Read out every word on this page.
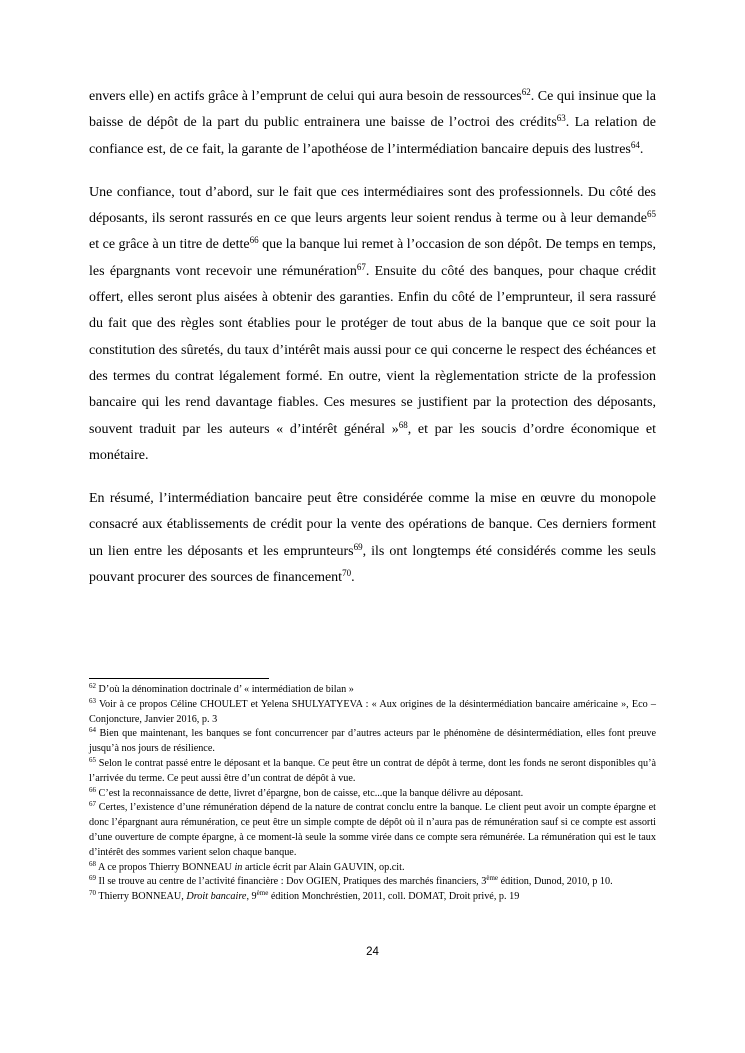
envers elle) en actifs grâce à l’emprunt de celui qui aura besoin de ressources$^{62}$. Ce qui insinue que la baisse de dépôt de la part du public entrainera une baisse de l’octroi des crédits$^{63}$. La relation de confiance est, de ce fait, la garante de l’apothéose de l’intermédiation bancaire depuis des lustres$^{64}$.

Une confiance, tout d’abord, sur le fait que ces intermédiaires sont des professionnels. Du côté des déposants, ils seront rassurés en ce que leurs argents leur soient rendus à terme ou à leur demande$^{65}$ et ce grâce à un titre de dette$^{66}$ que la banque lui remet à l’occasion de son dépôt. De temps en temps, les épargnants vont recevoir une rémunération$^{67}$. Ensuite du côté des banques, pour chaque crédit offert, elles seront plus aisées à obtenir des garanties. Enfin du côté de l’emprunteur, il sera rassuré du fait que des règles sont établies pour le protéger de tout abus de la banque que ce soit pour la constitution des sûretés, du taux d’intérêt mais aussi pour ce qui concerne le respect des échéances et des termes du contrat légalement formé. En outre, vient la règlementation stricte de la profession bancaire qui les rend davantage fiables. Ces mesures se justifient par la protection des déposants, souvent traduit par les auteurs « d’intérêt général »$^{68}$, et par les soucis d’ordre économique et monétaire.

En résumé, l’intermédiation bancaire peut être considérée comme la mise en œuvre du monopole consacré aux établissements de crédit pour la vente des opérations de banque. Ces derniers forment un lien entre les déposants et les emprunteurs$^{69}$, ils ont longtemps été considérés comme les seuls pouvant procurer des sources de financement$^{70}$.

$^{62}$ D’où la dénomination doctrinale d’ « intermédiation de bilan »

$^{63}$ Voir à ce propos Céline CHOULET et Yelena SHULYATYEVA : « Aux origines de la désintermédiation bancaire américaine », Eco – Conjoncture, Janvier 2016, p. 3

$^{64}$ Bien que maintenant, les banques se font concurrencer par d’autres acteurs par le phénomène de désintermédiation, elles font preuve jusqu’à nos jours de résilience.

$^{65}$ Selon le contrat passé entre le déposant et la banque. Ce peut être un contrat de dépôt à terme, dont les fonds ne seront disponibles qu’à l’arrivée du terme. Ce peut aussi être d’un contrat de dépôt à vue.

$^{66}$ C’est la reconnaissance de dette, livret d’épargne, bon de caisse, etc...que la banque délivre au déposant.

$^{67}$ Certes, l’existence d’une rémunération dépend de la nature de contrat conclu entre la banque. Le client peut avoir un compte épargne et donc l’épargnant aura rémunération, ce peut être un simple compte de dépôt où il n’aura pas de rémunération sauf si ce compte est assorti d’une ouverture de compte épargne, à ce moment-là seule la somme virée dans ce compte sera rémunérée. La rémunération qui est le taux d’intérêt des sommes varient selon chaque banque.

$^{68}$ A ce propos Thierry BONNEAU in article écrit par Alain GAUVIN, op.cit.

$^{69}$ Il se trouve au centre de l’activité financière : Dov OGIEN, Pratiques des marchés financiers, 3ème édition, Dunod, 2010, p 10.

$^{70}$ Thierry BONNEAU, Droit bancaire, 9ème édition Monchréstien, 2011, coll. DOMAT, Droit privé, p. 19

24
